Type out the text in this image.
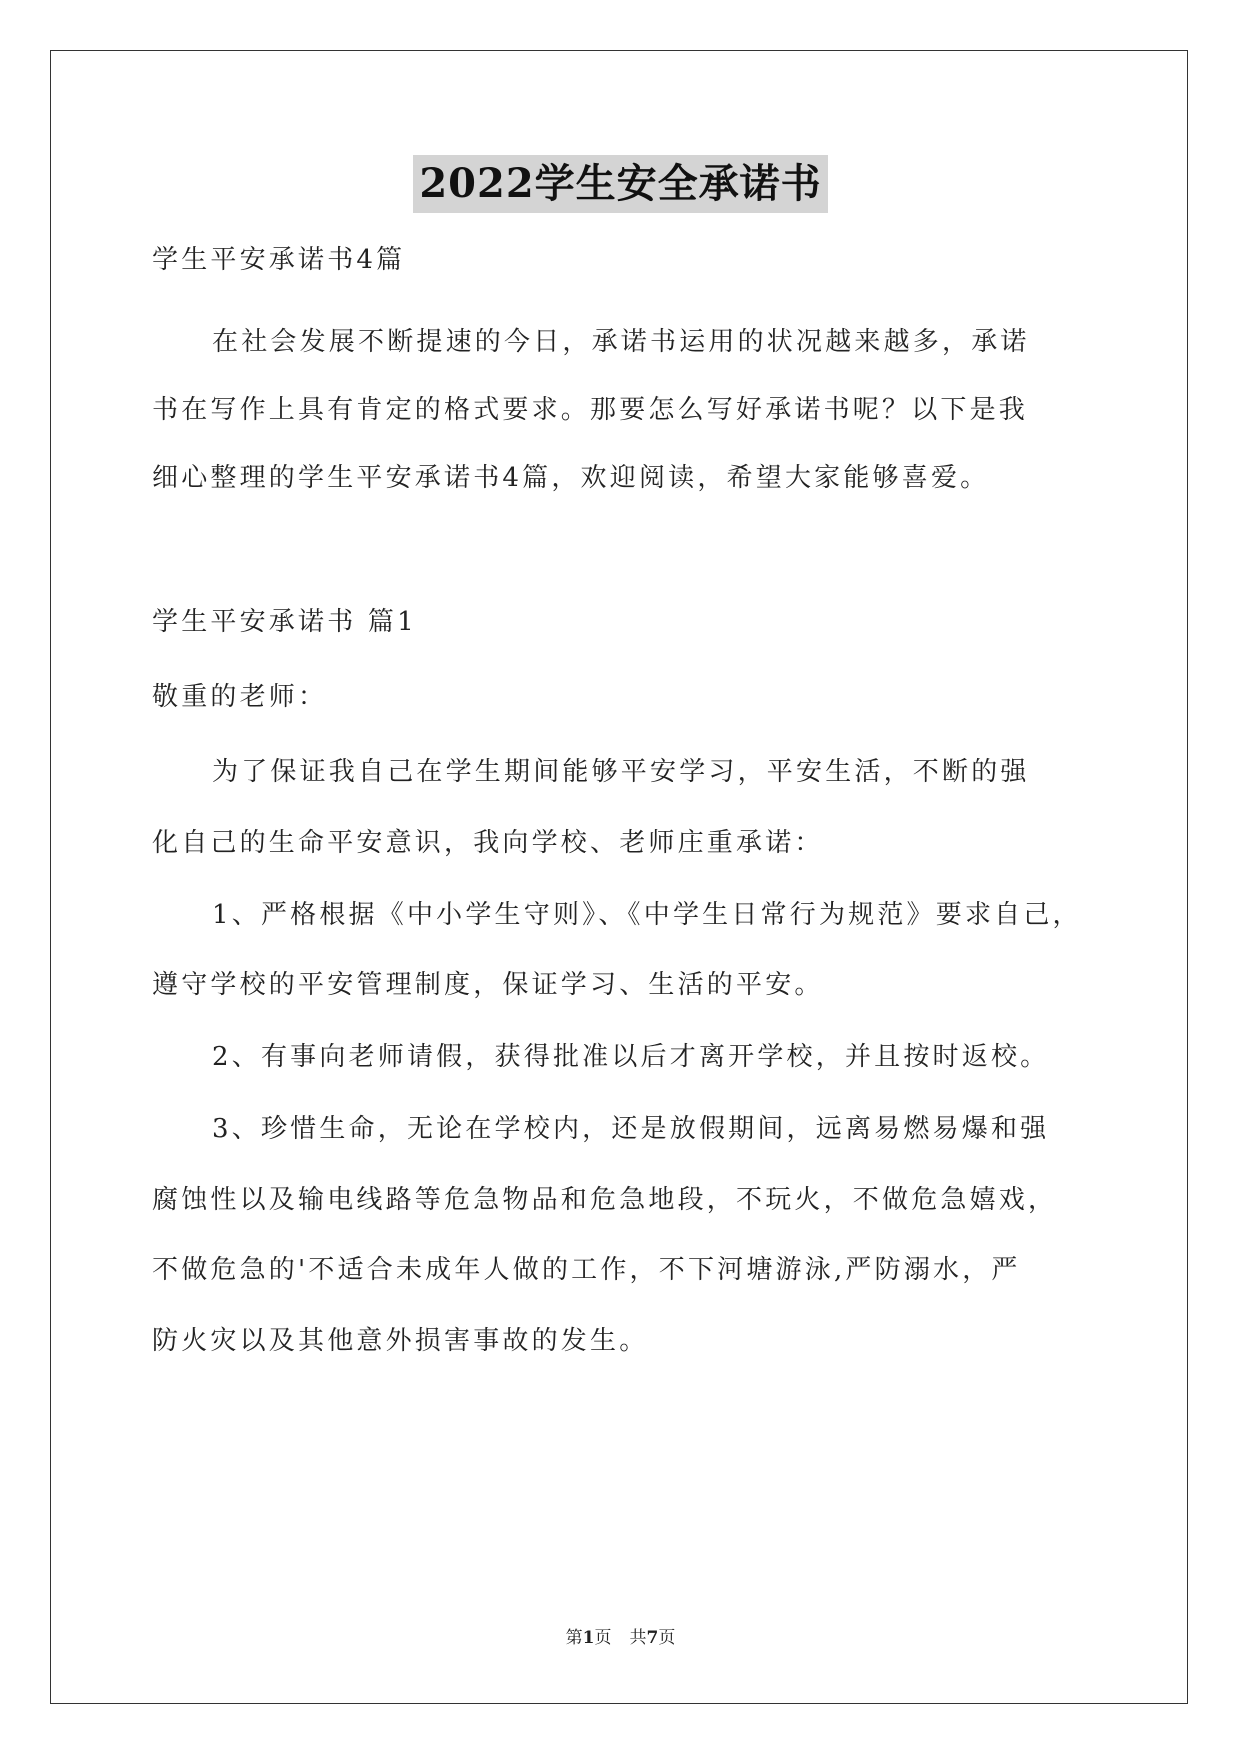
2022学生安全承诺书
学生平安承诺书4篇
在社会发展不断提速的今日，承诺书运用的状况越来越多，承诺
书在写作上具有肯定的格式要求。那要怎么写好承诺书呢？以下是我
细心整理的学生平安承诺书4篇，欢迎阅读，希望大家能够喜爱。
学生平安承诺书 篇1
敬重的老师：
为了保证我自己在学生期间能够平安学习，平安生活，不断的强
化自己的生命平安意识，我向学校、老师庄重承诺：
1、严格根据《中小学生守则》、《中学生日常行为规范》要求自己，
遵守学校的平安管理制度，保证学习、生活的平安。
2、有事向老师请假，获得批准以后才离开学校，并且按时返校。
3、珍惜生命，无论在学校内，还是放假期间，远离易燃易爆和强
腐蚀性以及输电线路等危急物品和危急地段，不玩火，不做危急嬉戏，
不做危急的'不适合未成年人做的工作，不下河塘游泳,严防溺水，严
防火灾以及其他意外损害事故的发生。
第1页 共7页
